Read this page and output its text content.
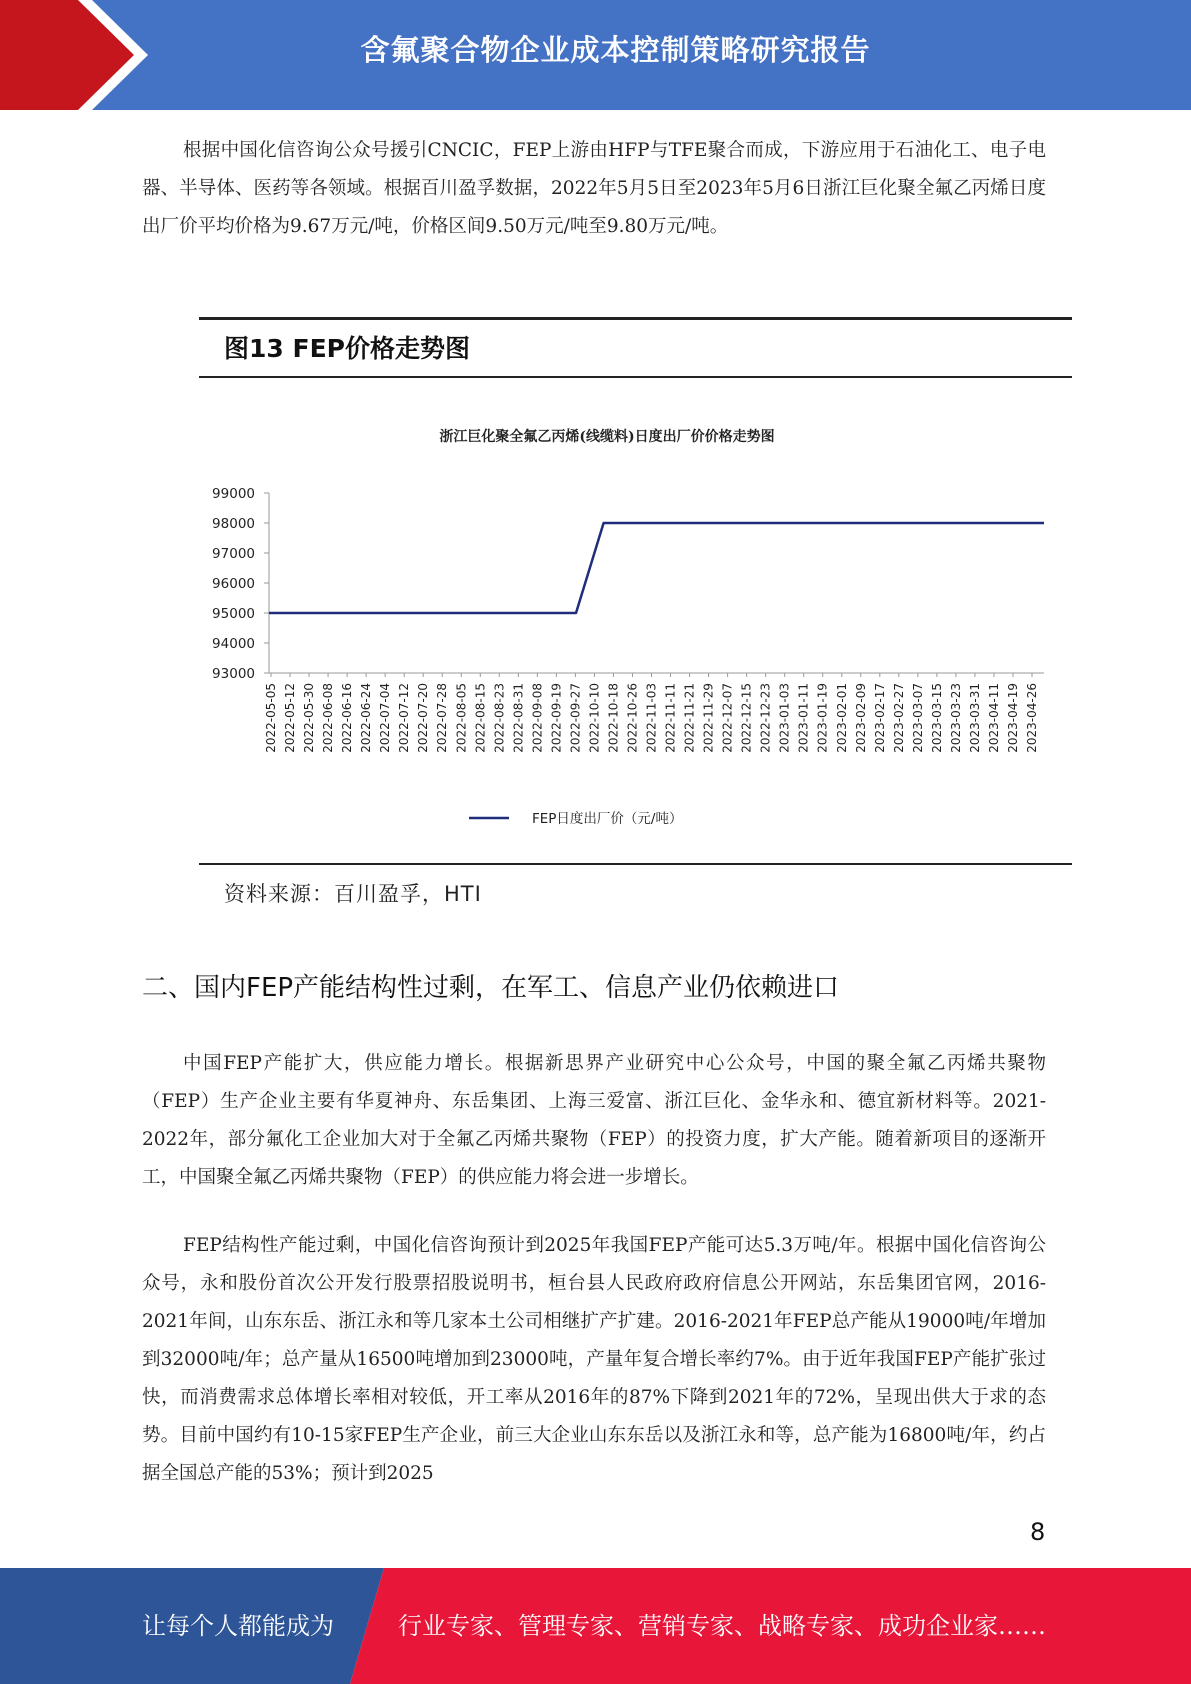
含氟聚合物企业成本控制策略研究报告
根据中国化信咨询公众号援引CNCIC，FEP上游由HFP与TFE聚合而成，下游应用于石油化工、电子电器、半导体、医药等各领域。根据百川盈孚数据，2022年5月5日至2023年5月6日浙江巨化聚全氟乙丙烯日度出厂价平均价格为9.67万元/吨，价格区间9.50万元/吨至9.80万元/吨。
图13 FEP价格走势图
浙江巨化聚全氟乙丙烯(线缆料)日度出厂价价格走势图
99000
98000
97000
96000
95000
94000
93000
2022-05-05 2022-05-12 2022-05-30 2022-06-08 2022-06-16 2022-06-24 2022-07-04 2022-07-12 2022-07-20 2022-07-28 2022-08-05 2022-08-15 2022-08-23 2022-08-31 2022-09-08 2022-09-19 2022-09-27 2022-10-10 2022-10-18 2022-10-26 2022-11-03 2022-11-11 2022-11-21 2022-11-29 2022-12-07 2022-12-15 2022-12-23 2023-01-03 2023-01-11 2023-01-19 2023-02-01 2023-02-09 2023-02-17 2023-02-27 2023-03-07 2023-03-15 2023-03-23 2023-03-31 2023-04-11 2023-04-19 2023-04-26
FEP日度出厂价（元/吨）
资料来源：百川盈孚，HTI
二、国内FEP产能结构性过剩，在军工、信息产业仍依赖进口
中国FEP产能扩大，供应能力增长。根据新思界产业研究中心公众号，中国的聚全氟乙丙烯共聚物（FEP）生产企业主要有华夏神舟、东岳集团、上海三爱富、浙江巨化、金华永和、德宜新材料等。2021-2022年，部分氟化工企业加大对于全氟乙丙烯共聚物（FEP）的投资力度，扩大产能。随着新项目的逐渐开工，中国聚全氟乙丙烯共聚物（FEP）的供应能力将会进一步增长。
FEP结构性产能过剩，中国化信咨询预计到2025年我国FEP产能可达5.3万吨/年。根据中国化信咨询公众号，永和股份首次公开发行股票招股说明书，桓台县人民政府政府信息公开网站，东岳集团官网，2016-2021年间，山东东岳、浙江永和等几家本土公司相继扩产扩建。2016-2021年FEP总产能从19000吨/年增加到32000吨/年；总产量从16500吨增加到23000吨，产量年复合增长率约7%。由于近年我国FEP产能扩张过快，而消费需求总体增长率相对较低，开工率从2016年的87%下降到2021年的72%，呈现出供大于求的态势。目前中国约有10-15家FEP生产企业，前三大企业山东东岳以及浙江永和等，总产能为16800吨/年，约占据全国总产能的53%；预计到2025
8
让每个人都能成为	行业专家、管理专家、营销专家、战略专家、成功企业家……
